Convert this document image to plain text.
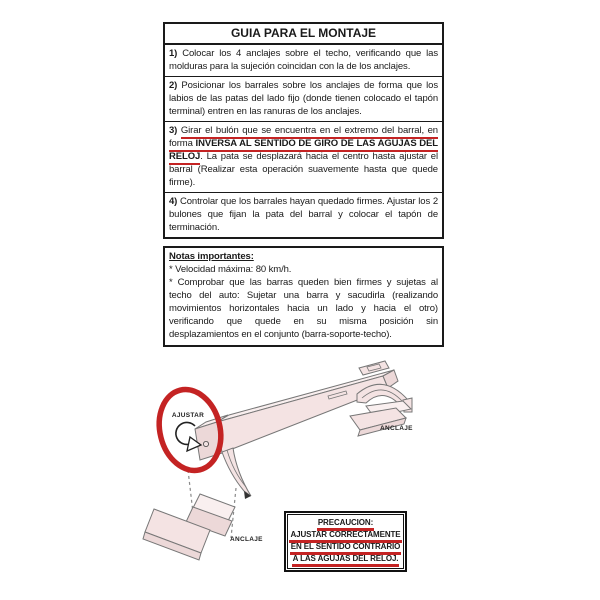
GUIA PARA EL MONTAJE

1) Colocar los 4 anclajes sobre el techo, verificando que las molduras para la sujeción coincidan con la de los anclajes.

2) Posicionar los barrales sobre los anclajes de forma que los labios de las patas del lado fijo (donde tienen colocado el tapón terminal) entren en las ranuras de los anclajes.

3) Girar el bulón que se encuentra en el extremo del barral, en forma INVERSA AL SENTIDO DE GIRO DE LAS AGUJAS DEL RELOJ. La pata se desplazará hacia el centro hasta ajustar el barral (Realizar esta operación suavemente hasta que quede firme).

4) Controlar que los barrales hayan quedado firmes. Ajustar los 2 bulones que fijan la pata del barral y colocar el tapón de terminación.

Notas importantes:

* Velocidad máxima: 80 km/h.

* Comprobar que las barras queden bien firmes y sujetas al techo del auto: Sujetar una barra y sacudirla (realizando movimientos horizontales hacia un lado y hacia el otro) verificando que quede en su misma posición sin desplazamientos en el conjunto (barra-soporte-techo).

ANCLAJE
ANCLAJE
AJUSTAR
PRECAUCION:
AJUSTAR CORRECTAMENTE
EN EL SENTIDO CONTRARIO
A LAS AGUJAS DEL RELOJ.
